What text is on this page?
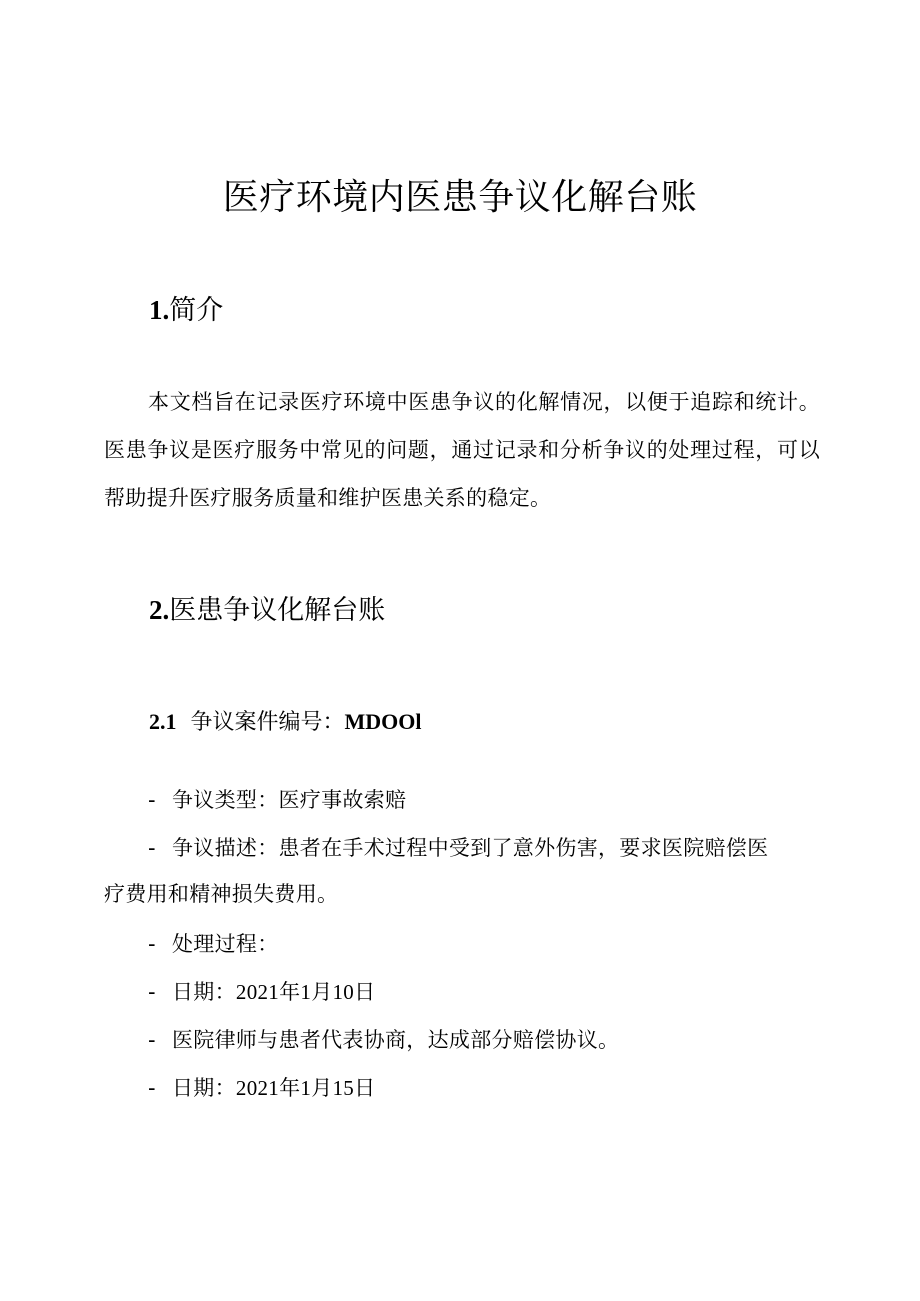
医疗环境内医患争议化解台账
1.简介
本文档旨在记录医疗环境中医患争议的化解情况，以便于追踪和统计。医患争议是医疗服务中常见的问题，通过记录和分析争议的处理过程，可以帮助提升医疗服务质量和维护医患关系的稳定。
2.医患争议化解台账
2.1 争议案件编号：MDOOl
- 争议类型：医疗事故索赔
- 争议描述：患者在手术过程中受到了意外伤害，要求医院赔偿医
疗费用和精神损失费用。
- 处理过程：
- 日期：2021年1月10日
- 医院律师与患者代表协商，达成部分赔偿协议。
- 日期：2021年1月15日
